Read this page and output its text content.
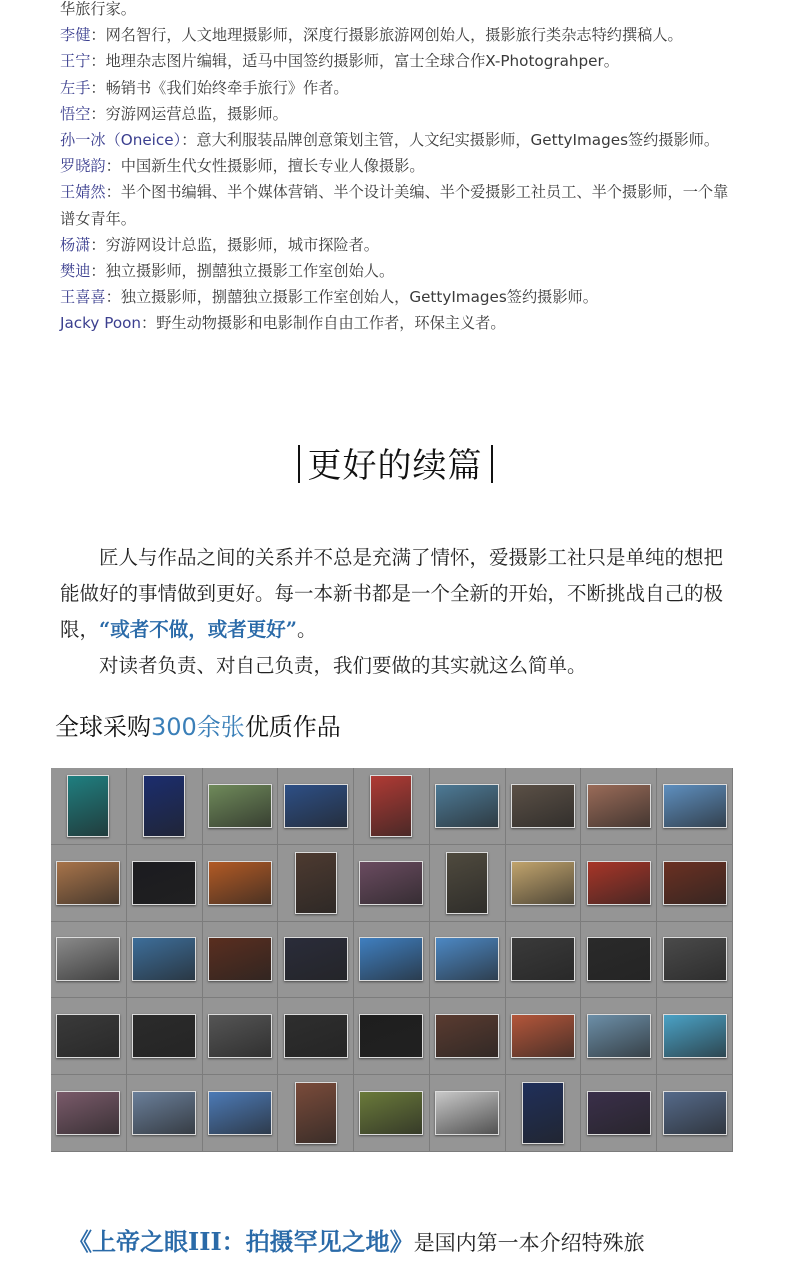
华旅行家。
李健：网名智行，人文地理摄影师，深度行摄影旅游网创始人，摄影旅行类杂志特约撰稿人。
王宁：地理杂志图片编辑，适马中国签约摄影师，富士全球合作X-Photograhper。
左手：畅销书《我们始终牵手旅行》作者。
悟空：穷游网运营总监，摄影师。
孙一冰（Oneice）：意大利服装品牌创意策划主管，人文纪实摄影师，GettyImages签约摄影师。
罗晓韵：中国新生代女性摄影师，擅长专业人像摄影。
王婧然：半个图书编辑、半个媒体营销、半个设计美编、半个爱摄影工社员工、半个摄影师，一个靠谱女青年。
杨潇：穷游网设计总监，摄影师，城市探险者。
樊迪：独立摄影师，捌囍独立摄影工作室创始人。
王喜喜：独立摄影师，捌囍独立摄影工作室创始人，GettyImages签约摄影师。
Jacky Poon：野生动物摄影和电影制作自由工作者，环保主义者。
更好的续篇

匠人与作品之间的关系并不总是充满了情怀，爱摄影工社只是单纯的想把能做好的事情做到更好。每一本新书都是一个全新的开始，不断挑战自己的极限，“或者不做，或者更好”。

对读者负责、对自己负责，我们要做的其实就这么简单。

全球采购300余张优质作品
《上帝之眼III：拍摄罕见之地》是国内第一本介绍特殊旅
